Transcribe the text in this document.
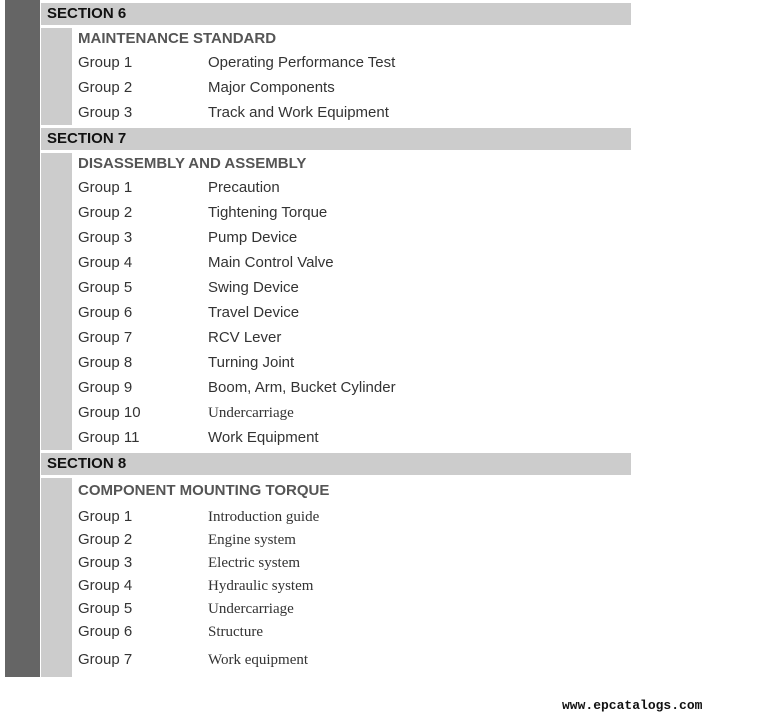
SECTION 6
MAINTENANCE STANDARD
Group 1	Operating Performance Test
Group 2	Major Components
Group 3	Track and Work Equipment
SECTION 7
DISASSEMBLY AND ASSEMBLY
Group 1	Precaution
Group 2	Tightening Torque
Group 3	Pump Device
Group 4	Main Control Valve
Group 5	Swing Device
Group 6	Travel Device
Group 7	RCV Lever
Group 8	Turning Joint
Group 9	Boom, Arm, Bucket Cylinder
Group 10	Undercarriage
Group 11	Work Equipment
SECTION 8
COMPONENT MOUNTING TORQUE
Group 1	Introduction guide
Group 2	Engine system
Group 3	Electric system
Group 4	Hydraulic system
Group 5	Undercarriage
Group 6	Structure
Group 7	Work equipment
www.epcatalogs.com
